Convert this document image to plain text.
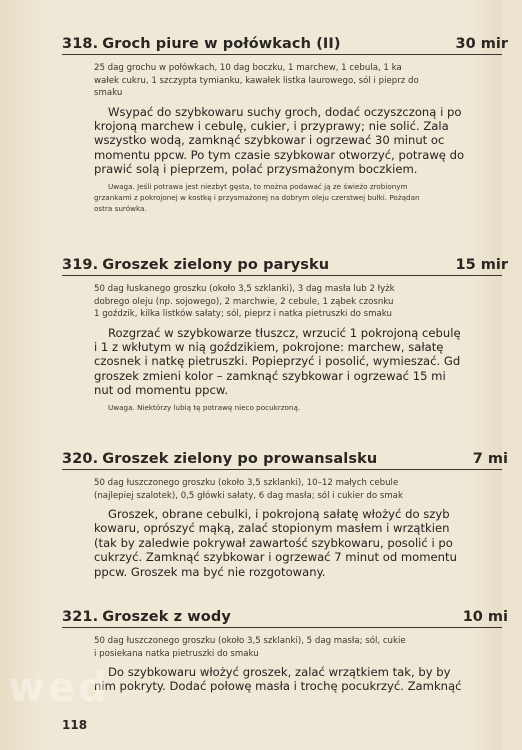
318. Groch piure w połówkach (II)	30 mir
25 dag grochu w połówkach, 10 dag boczku, 1 marchew, 1 cebula, 1 ka
wałek cukru, 1 szczypta tymianku, kawałek listka laurowego, sól i pieprz do
smaku
Wsypać do szybkowaru suchy groch, dodać oczyszczoną i po
krojoną marchew i cebulę, cukier, i przyprawy; nie solić. Zala
wszystko wodą, zamknąć szybkowar i ogrzewać 30 minut oc
momentu ppcw. Po tym czasie szybkowar otworzyć, potrawę do
prawić solą i pieprzem, polać przysmażonym boczkiem.
Uwaga. Jeśli potrawa jest niezbyt gęsta, to można podawać ją ze świeżo zrobionym
grzankami z pokrojonej w kostkę i przysmażonej na dobrym oleju czerstwej bułki. Pożądan
ostra surówka.
319. Groszek zielony po parysku	15 mir
50 dag łuskanego groszku (około 3,5 szklanki), 3 dag masła lub 2 łyżk
dobrego oleju (np. sojowego), 2 marchwie, 2 cebule, 1 ząbek czosnku
1 goździk, kilka listków sałaty; sól, pieprz i natka pietruszki do smaku
Rozgrzać w szybkowarze tłuszcz, wrzucić 1 pokrojoną cebulę
i 1 z wkłutym w nią goździkiem, pokrojone: marchew, sałatę
czosnek i natkę pietruszki. Popieprzyć i posolić, wymieszać. Gd
groszek zmieni kolor – zamknąć szybkowar i ogrzewać 15 mi
nut od momentu ppcw.
Uwaga. Niektórzy lubią tę potrawę nieco pocukrzoną.
320. Groszek zielony po prowansalsku	7 mi
50 dag łuszczonego groszku (około 3,5 szklanki), 10–12 małych cebule
(najlepiej szalotek), 0,5 główki sałaty, 6 dag masła; sól i cukier do smak
Groszek, obrane cebulki, i pokrojoną sałatę włożyć do szyb
kowaru, oprószyć mąką, zalać stopionym masłem i wrzątkien
(tak by zaledwie pokrywał zawartość szybkowaru, posolić i po
cukrzyć. Zamknąć szybkowar i ogrzewać 7 minut od momentu
ppcw. Groszek ma być nie rozgotowany.
321. Groszek z wody	10 mi
50 dag łuszczonego groszku (około 3,5 szklanki), 5 dag masła; sól, cukie
i posiekana natka pietruszki do smaku
Do szybkowaru włożyć groszek, zalać wrzątkiem tak, by by
nim pokryty. Dodać połowę masła i trochę pocukrzyć. Zamknąć
wed
118
